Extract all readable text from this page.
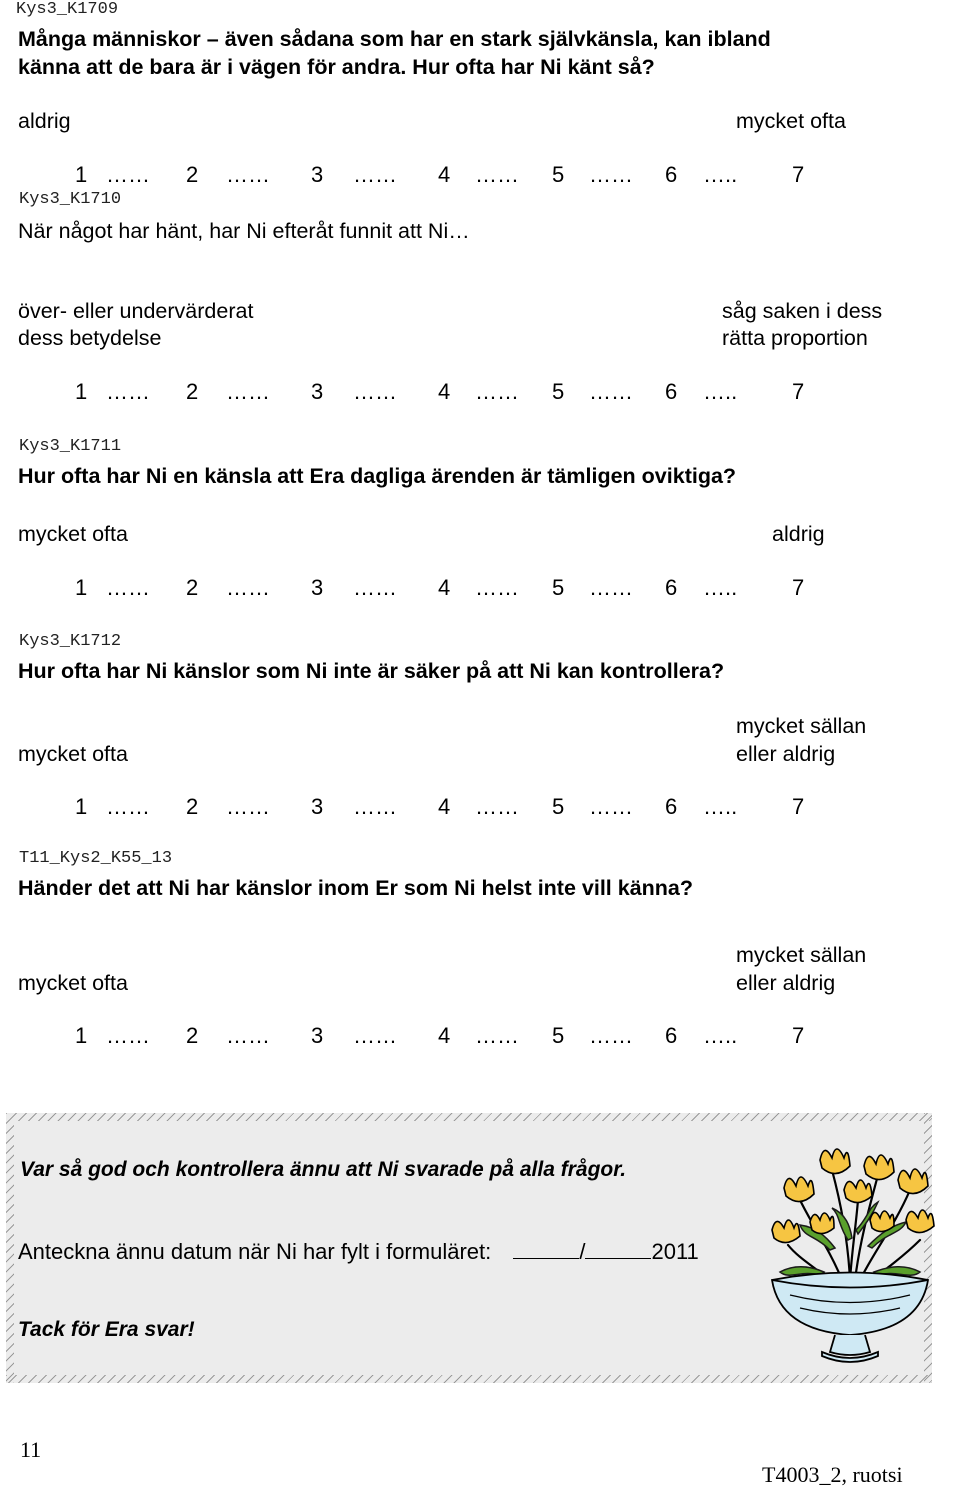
Kys3_K1709
Många människor – även sådana som har en stark självkänsla, kan ibland
känna att de bara är i vägen för andra. Hur ofta har Ni känt så?
aldrig	mycket ofta
1	2	3	4	5	6	7
……	……	……	……	……	…..
Kys3_K1710
När något har hänt, har Ni efteråt funnit att Ni…
över- eller undervärderat
dess betydelse
såg saken i dess
rätta proportion
1	2	3	4	5	6	7
……	……	……	……	……	…..
Kys3_K1711
Hur ofta har Ni en känsla att Era dagliga ärenden är tämligen oviktiga?
mycket ofta	aldrig
1	2	3	4	5	6	7
……	……	……	……	……	…..
Kys3_K1712
Hur ofta har Ni känslor som Ni inte är säker på att Ni kan kontrollera?
mycket sällan
eller aldrig
mycket ofta
1	2	3	4	5	6	7
……	……	……	……	……	…..
T11_Kys2_K55_13
Händer det att Ni har känslor inom Er som Ni helst inte vill känna?
mycket sällan
eller aldrig
mycket ofta
1	2	3	4	5	6	7
……	……	……	……	……	…..
Var så god och kontrollera ännu att Ni svarade på alla frågor.
Anteckna ännu datum när Ni har fylt i formuläret:	/	2011
Tack för Era svar!
11
T4003_2, ruotsi
